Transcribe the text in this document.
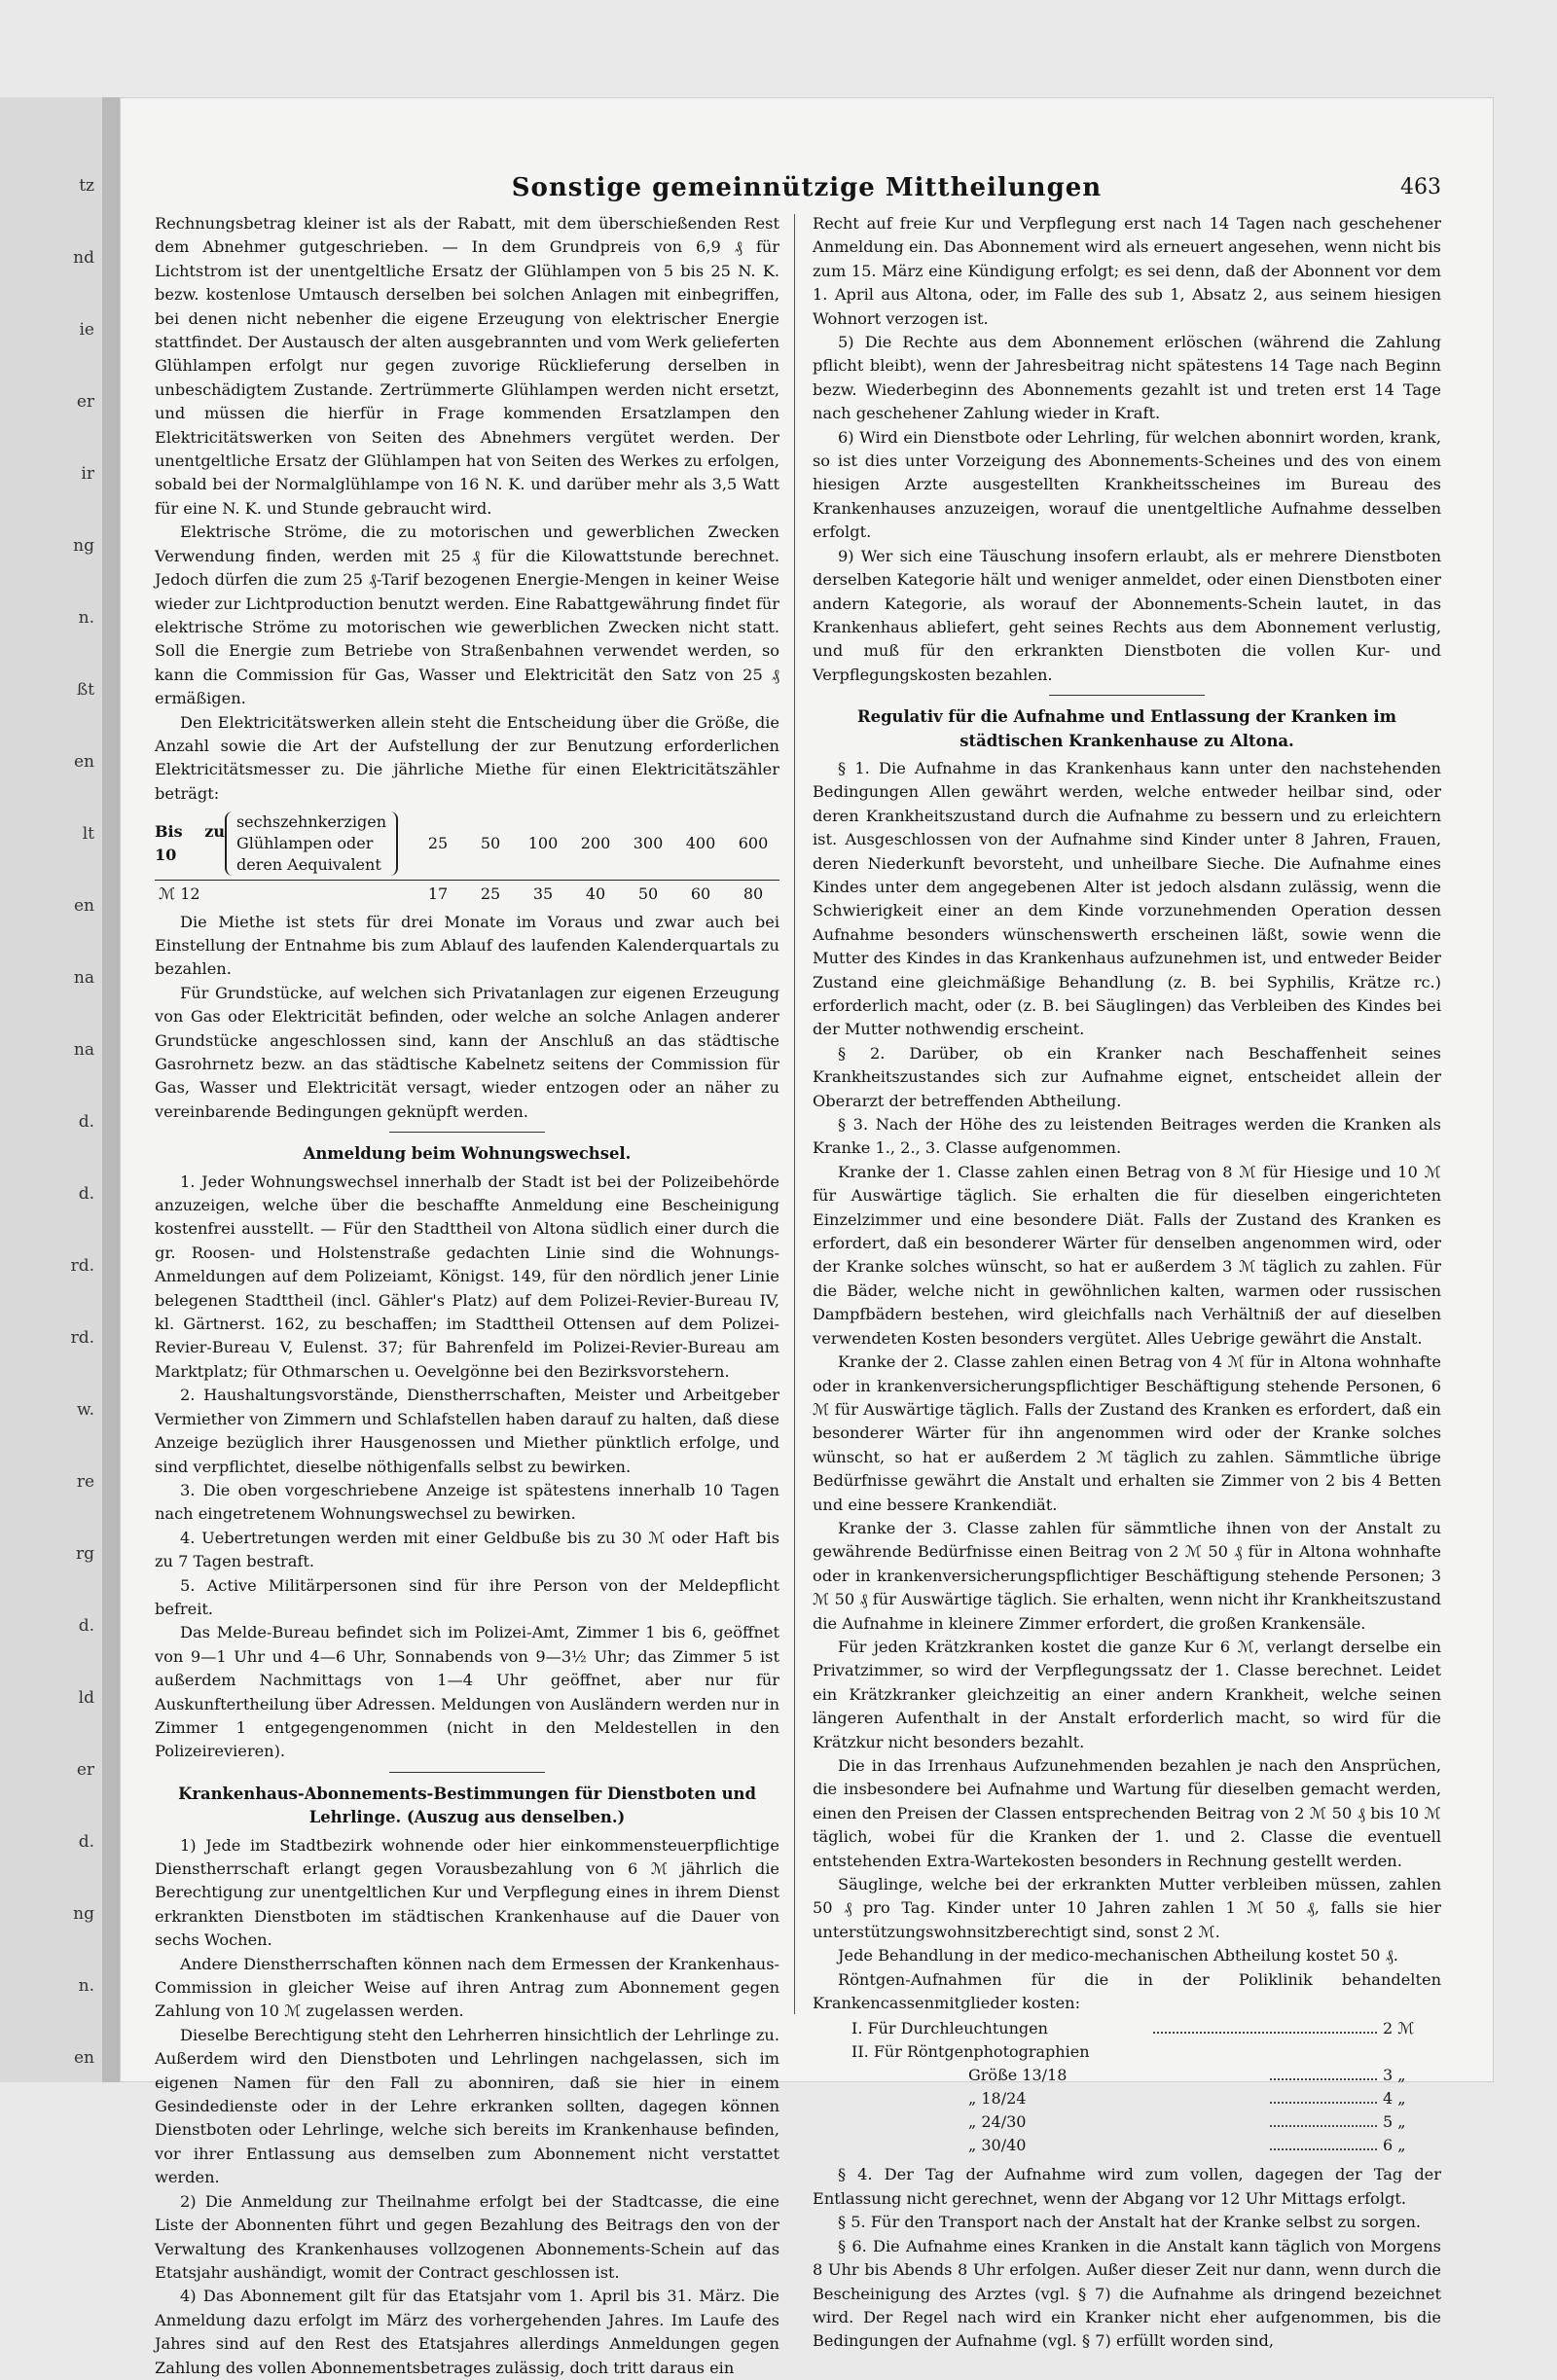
tz
nd
ie
er
ir
ng
n.
ßt
en
lt
en
na
na
d.
d.
rd.
rd.
w.
re
rg
d.
ld
er
d.
ng
n.
en
Sonstige gemeinnützige Mittheilungen	463

Rechnungsbetrag kleiner ist als der Rabatt, mit dem überschießenden Rest dem Abnehmer gutgeschrieben. — In dem Grundpreis von 6,9 ₰ für Lichtstrom ist der unentgeltliche Ersatz der Glühlampen von 5 bis 25 N. K. bezw. kostenlose Umtausch derselben bei solchen Anlagen mit einbegriffen, bei denen nicht nebenher die eigene Erzeugung von elektrischer Energie stattfindet. Der Austausch der alten ausgebrannten und vom Werk gelieferten Glühlampen erfolgt nur gegen zuvorige Rücklieferung derselben in unbeschädigtem Zustande. Zertrümmerte Glühlampen werden nicht ersetzt, und müssen die hierfür in Frage kommenden Ersatzlampen den Elektricitätswerken von Seiten des Abnehmers vergütet werden. Der unentgeltliche Ersatz der Glühlampen hat von Seiten des Werkes zu erfolgen, sobald bei der Normalglühlampe von 16 N. K. und darüber mehr als 3,5 Watt für eine N. K. und Stunde gebraucht wird.

Elektrische Ströme, die zu motorischen und gewerblichen Zwecken Verwendung finden, werden mit 25 ₰ für die Kilowattstunde berechnet. Jedoch dürfen die zum 25 ₰-Tarif bezogenen Energie-Mengen in keiner Weise wieder zur Lichtproduction benutzt werden. Eine Rabattgewährung findet für elektrische Ströme zu motorischen wie gewerblichen Zwecken nicht statt. Soll die Energie zum Betriebe von Straßenbahnen verwendet werden, so kann die Commission für Gas, Wasser und Elektricität den Satz von 25 ₰ ermäßigen.

Den Elektricitätswerken allein steht die Entscheidung über die Größe, die Anzahl sowie die Art der Aufstellung der zur Benutzung erforderlichen Elektricitätsmesser zu. Die jährliche Miethe für einen Elektricitätszähler beträgt:

Bis zu 10
sechszehnkerzigen
Glühlampen oder
deren Aequivalent
25	50	100	200	300	400	600
ℳ 12	17	25	35	40	50	60	80

Die Miethe ist stets für drei Monate im Voraus und zwar auch bei Einstellung der Entnahme bis zum Ablauf des laufenden Kalenderquartals zu bezahlen.

Für Grundstücke, auf welchen sich Privatanlagen zur eigenen Erzeugung von Gas oder Elektricität befinden, oder welche an solche Anlagen anderer Grundstücke angeschlossen sind, kann der Anschluß an das städtische Gasrohrnetz bezw. an das städtische Kabelnetz seitens der Commission für Gas, Wasser und Elektricität versagt, wieder entzogen oder an näher zu vereinbarende Bedingungen geknüpft werden.

Anmeldung beim Wohnungswechsel.

1. Jeder Wohnungswechsel innerhalb der Stadt ist bei der Polizeibehörde anzuzeigen, welche über die beschaffte Anmeldung eine Bescheinigung kostenfrei ausstellt. — Für den Stadttheil von Altona südlich einer durch die gr. Roosen- und Holstenstraße gedachten Linie sind die Wohnungs-Anmeldungen auf dem Polizeiamt, Königst. 149, für den nördlich jener Linie belegenen Stadttheil (incl. Gähler's Platz) auf dem Polizei-Revier-Bureau IV, kl. Gärtnerst. 162, zu beschaffen; im Stadttheil Ottensen auf dem Polizei-Revier-Bureau V, Eulenst. 37; für Bahrenfeld im Polizei-Revier-Bureau am Marktplatz; für Othmarschen u. Oevelgönne bei den Bezirksvorstehern.

2. Haushaltungsvorstände, Dienstherrschaften, Meister und Arbeitgeber Vermiether von Zimmern und Schlafstellen haben darauf zu halten, daß diese Anzeige bezüglich ihrer Hausgenossen und Miether pünktlich erfolge, und sind verpflichtet, dieselbe nöthigenfalls selbst zu bewirken.

3. Die oben vorgeschriebene Anzeige ist spätestens innerhalb 10 Tagen nach eingetretenem Wohnungswechsel zu bewirken.

4. Uebertretungen werden mit einer Geldbuße bis zu 30 ℳ oder Haft bis zu 7 Tagen bestraft.

5. Active Militärpersonen sind für ihre Person von der Meldepflicht befreit.

Das Melde-Bureau befindet sich im Polizei-Amt, Zimmer 1 bis 6, geöffnet von 9—1 Uhr und 4—6 Uhr, Sonnabends von 9—3½ Uhr; das Zimmer 5 ist außerdem Nachmittags von 1—4 Uhr geöffnet, aber nur für Auskunftertheilung über Adressen. Meldungen von Ausländern werden nur in Zimmer 1 entgegengenommen (nicht in den Meldestellen in den Polizeirevieren).

Krankenhaus-Abonnements-Bestimmungen für Dienstboten und Lehrlinge. (Auszug aus denselben.)

1) Jede im Stadtbezirk wohnende oder hier einkommensteuerpflichtige Dienstherrschaft erlangt gegen Vorausbezahlung von 6 ℳ jährlich die Berechtigung zur unentgeltlichen Kur und Verpflegung eines in ihrem Dienst erkrankten Dienstboten im städtischen Krankenhause auf die Dauer von sechs Wochen.

Andere Dienstherrschaften können nach dem Ermessen der Krankenhaus-Commission in gleicher Weise auf ihren Antrag zum Abonnement gegen Zahlung von 10 ℳ zugelassen werden.

Dieselbe Berechtigung steht den Lehrherren hinsichtlich der Lehrlinge zu. Außerdem wird den Dienstboten und Lehrlingen nachgelassen, sich im eigenen Namen für den Fall zu abonniren, daß sie hier in einem Gesindedienste oder in der Lehre erkranken sollten, dagegen können Dienstboten oder Lehrlinge, welche sich bereits im Krankenhause befinden, vor ihrer Entlassung aus demselben zum Abonnement nicht verstattet werden.

2) Die Anmeldung zur Theilnahme erfolgt bei der Stadtcasse, die eine Liste der Abonnenten führt und gegen Bezahlung des Beitrags den von der Verwaltung des Krankenhauses vollzogenen Abonnements-Schein auf das Etatsjahr aushändigt, womit der Contract geschlossen ist.

4) Das Abonnement gilt für das Etatsjahr vom 1. April bis 31. März. Die Anmeldung dazu erfolgt im März des vorhergehenden Jahres. Im Laufe des Jahres sind auf den Rest des Etatsjahres allerdings Anmeldungen gegen Zahlung des vollen Abonnementsbetrages zulässig, doch tritt daraus ein

Recht auf freie Kur und Verpflegung erst nach 14 Tagen nach geschehener Anmeldung ein. Das Abonnement wird als erneuert angesehen, wenn nicht bis zum 15. März eine Kündigung erfolgt; es sei denn, daß der Abonnent vor dem 1. April aus Altona, oder, im Falle des sub 1, Absatz 2, aus seinem hiesigen Wohnort verzogen ist.

5) Die Rechte aus dem Abonnement erlöschen (während die Zahlung pflicht bleibt), wenn der Jahresbeitrag nicht spätestens 14 Tage nach Beginn bezw. Wiederbeginn des Abonnements gezahlt ist und treten erst 14 Tage nach geschehener Zahlung wieder in Kraft.

6) Wird ein Dienstbote oder Lehrling, für welchen abonnirt worden, krank, so ist dies unter Vorzeigung des Abonnements-Scheines und des von einem hiesigen Arzte ausgestellten Krankheitsscheines im Bureau des Krankenhauses anzuzeigen, worauf die unentgeltliche Aufnahme desselben erfolgt.

9) Wer sich eine Täuschung insofern erlaubt, als er mehrere Dienstboten derselben Kategorie hält und weniger anmeldet, oder einen Dienstboten einer andern Kategorie, als worauf der Abonnements-Schein lautet, in das Krankenhaus abliefert, geht seines Rechts aus dem Abonnement verlustig, und muß für den erkrankten Dienstboten die vollen Kur- und Verpflegungskosten bezahlen.

Regulativ für die Aufnahme und Entlassung der Kranken im städtischen Krankenhause zu Altona.

§ 1. Die Aufnahme in das Krankenhaus kann unter den nachstehenden Bedingungen Allen gewährt werden, welche entweder heilbar sind, oder deren Krankheitszustand durch die Aufnahme zu bessern und zu erleichtern ist. Ausgeschlossen von der Aufnahme sind Kinder unter 8 Jahren, Frauen, deren Niederkunft bevorsteht, und unheilbare Sieche. Die Aufnahme eines Kindes unter dem angegebenen Alter ist jedoch alsdann zulässig, wenn die Schwierigkeit einer an dem Kinde vorzunehmenden Operation dessen Aufnahme besonders wünschenswerth erscheinen läßt, sowie wenn die Mutter des Kindes in das Krankenhaus aufzunehmen ist, und entweder Beider Zustand eine gleichmäßige Behandlung (z. B. bei Syphilis, Krätze rc.) erforderlich macht, oder (z. B. bei Säuglingen) das Verbleiben des Kindes bei der Mutter nothwendig erscheint.

§ 2. Darüber, ob ein Kranker nach Beschaffenheit seines Krankheitszustandes sich zur Aufnahme eignet, entscheidet allein der Oberarzt der betreffenden Abtheilung.

§ 3. Nach der Höhe des zu leistenden Beitrages werden die Kranken als Kranke 1., 2., 3. Classe aufgenommen.

Kranke der 1. Classe zahlen einen Betrag von 8 ℳ für Hiesige und 10 ℳ für Auswärtige täglich. Sie erhalten die für dieselben eingerichteten Einzelzimmer und eine besondere Diät. Falls der Zustand des Kranken es erfordert, daß ein besonderer Wärter für denselben angenommen wird, oder der Kranke solches wünscht, so hat er außerdem 3 ℳ täglich zu zahlen. Für die Bäder, welche nicht in gewöhnlichen kalten, warmen oder russischen Dampfbädern bestehen, wird gleichfalls nach Verhältniß der auf dieselben verwendeten Kosten besonders vergütet. Alles Uebrige gewährt die Anstalt.

Kranke der 2. Classe zahlen einen Betrag von 4 ℳ für in Altona wohnhafte oder in krankenversicherungspflichtiger Beschäftigung stehende Personen, 6 ℳ für Auswärtige täglich. Falls der Zustand des Kranken es erfordert, daß ein besonderer Wärter für ihn angenommen wird oder der Kranke solches wünscht, so hat er außerdem 2 ℳ täglich zu zahlen. Sämmtliche übrige Bedürfnisse gewährt die Anstalt und erhalten sie Zimmer von 2 bis 4 Betten und eine bessere Krankendiät.

Kranke der 3. Classe zahlen für sämmtliche ihnen von der Anstalt zu gewährende Bedürfnisse einen Beitrag von 2 ℳ 50 ₰ für in Altona wohnhafte oder in krankenversicherungspflichtiger Beschäftigung stehende Personen; 3 ℳ 50 ₰ für Auswärtige täglich. Sie erhalten, wenn nicht ihr Krankheitszustand die Aufnahme in kleinere Zimmer erfordert, die großen Krankensäle.

Für jeden Krätzkranken kostet die ganze Kur 6 ℳ, verlangt derselbe ein Privatzimmer, so wird der Verpflegungssatz der 1. Classe berechnet. Leidet ein Krätzkranker gleichzeitig an einer andern Krankheit, welche seinen längeren Aufenthalt in der Anstalt erforderlich macht, so wird für die Krätzkur nicht besonders bezahlt.

Die in das Irrenhaus Aufzunehmenden bezahlen je nach den Ansprüchen, die insbesondere bei Aufnahme und Wartung für dieselben gemacht werden, einen den Preisen der Classen entsprechenden Beitrag von 2 ℳ 50 ₰ bis 10 ℳ täglich, wobei für die Kranken der 1. und 2. Classe die eventuell entstehenden Extra-Wartekosten besonders in Rechnung gestellt werden.

Säuglinge, welche bei der erkrankten Mutter verbleiben müssen, zahlen 50 ₰ pro Tag. Kinder unter 10 Jahren zahlen 1 ℳ 50 ₰, falls sie hier unterstützungswohnsitzberechtigt sind, sonst 2 ℳ.

Jede Behandlung in der medico-mechanischen Abtheilung kostet 50 ₰.

Röntgen-Aufnahmen für die in der Poliklinik behandelten Krankencassenmitglieder kosten:

I. Für Durchleuchtungen	2 ℳ
II. Für Röntgenphotographien
Größe 13/18	3 „
„ 18/24	4 „
„ 24/30	5 „
„ 30/40	6 „

§ 4. Der Tag der Aufnahme wird zum vollen, dagegen der Tag der Entlassung nicht gerechnet, wenn der Abgang vor 12 Uhr Mittags erfolgt.

§ 5. Für den Transport nach der Anstalt hat der Kranke selbst zu sorgen.

§ 6. Die Aufnahme eines Kranken in die Anstalt kann täglich von Morgens 8 Uhr bis Abends 8 Uhr erfolgen. Außer dieser Zeit nur dann, wenn durch die Bescheinigung des Arztes (vgl. § 7) die Aufnahme als dringend bezeichnet wird. Der Regel nach wird ein Kranker nicht eher aufgenommen, bis die Bedingungen der Aufnahme (vgl. § 7) erfüllt worden sind,
